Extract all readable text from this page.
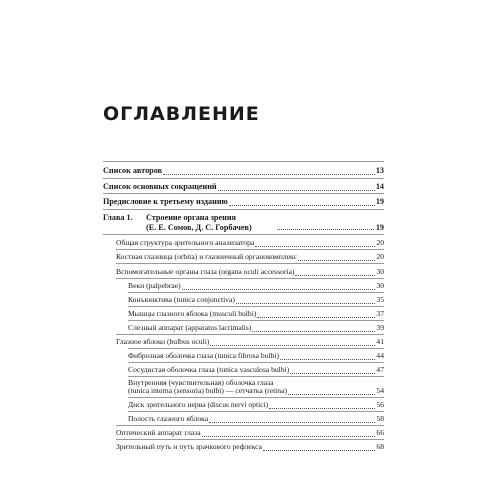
ОГЛАВЛЕНИЕ
Список авторов	13
Список основных сокращений	14
Предисловие к третьему изданию	19
Глава 1. Строение органа зрения
(Е. Е. Сомов, Д. С. Горбачев)	19
Общая структура зрительного анализатора	20
Костная глазница (orbita) и глазничный органокомплекс	20
Вспомогательные органы глаза (organa oculi accessoria)	30
Веки (palpebrae)	30
Конъюнктива (tunica conjunctiva)	35
Мышцы глазного яблока (musculi bulbi)	37
Слезный аппарат (apparatus lacrimalis)	39
Глазное яблоко (bulbus oculi)	41
Фиброзная оболочка глаза (tunica fibrosa bulbi)	44
Сосудистая оболочка глаза (tunica vasculosa bulbi)	47
Внутренняя (чувствительная) оболочка глаза
(tunica interna (sensoria) bulbi) — сетчатка (retina)	54
Диск зрительного нерва (discus nervi optici)	56
Полость глазного яблока	58
Оптический аппарат глаза	66
Зрительный путь и путь зрачкового рефлекса	68
